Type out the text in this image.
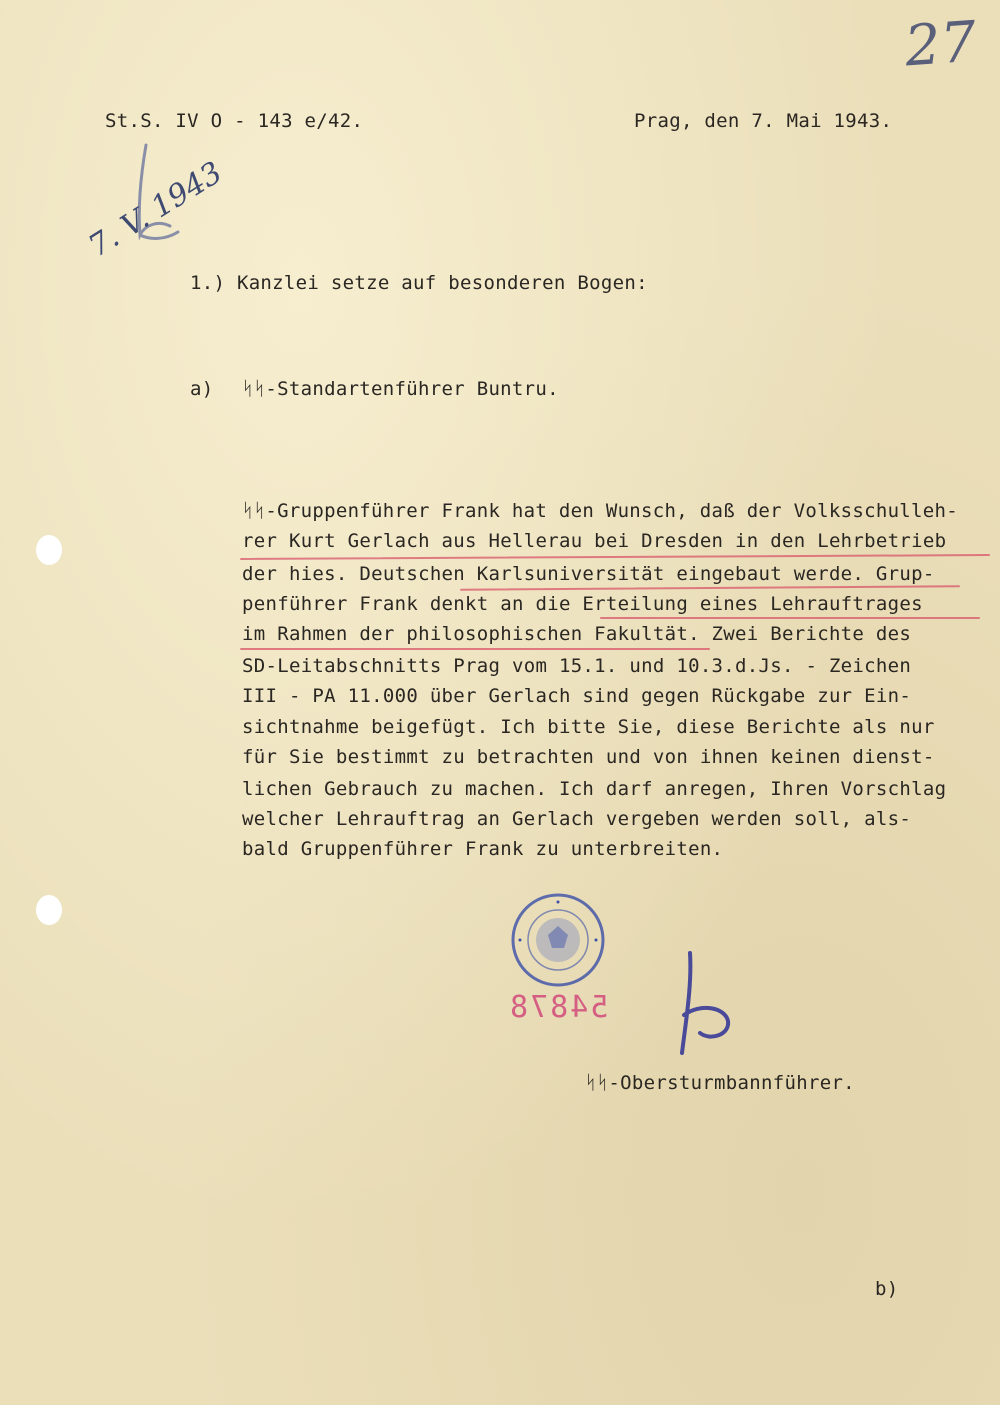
27
St.S. IV O - 143 e/42.	Prag, den 7. Mai 1943.
7. V. 1943
1.) Kanzlei setze auf besonderen Bogen:
a) ᛋᛋ-Standartenführer Buntru.
ᛋᛋ-Gruppenführer Frank hat den Wunsch, daß der Volksschulleh-
rer Kurt Gerlach aus Hellerau bei Dresden in den Lehrbetrieb
der hies. Deutschen Karlsuniversität eingebaut werde. Grup-
penführer Frank denkt an die Erteilung eines Lehrauftrages
im Rahmen der philosophischen Fakultät. Zwei Berichte des
SD-Leitabschnitts Prag vom 15.1. und 10.3.d.Js. - Zeichen
III - PA 11.000 über Gerlach sind gegen Rückgabe zur Ein-
sichtnahme beigefügt. Ich bitte Sie, diese Berichte als nur
für Sie bestimmt zu betrachten und von ihnen keinen dienst-
lichen Gebrauch zu machen. Ich darf anregen, Ihren Vorschlag
welcher Lehrauftrag an Gerlach vergeben werden soll, als-
bald Gruppenführer Frank zu unterbreiten.
54878
ᛋᛋ-Obersturmbannführer.
b)
